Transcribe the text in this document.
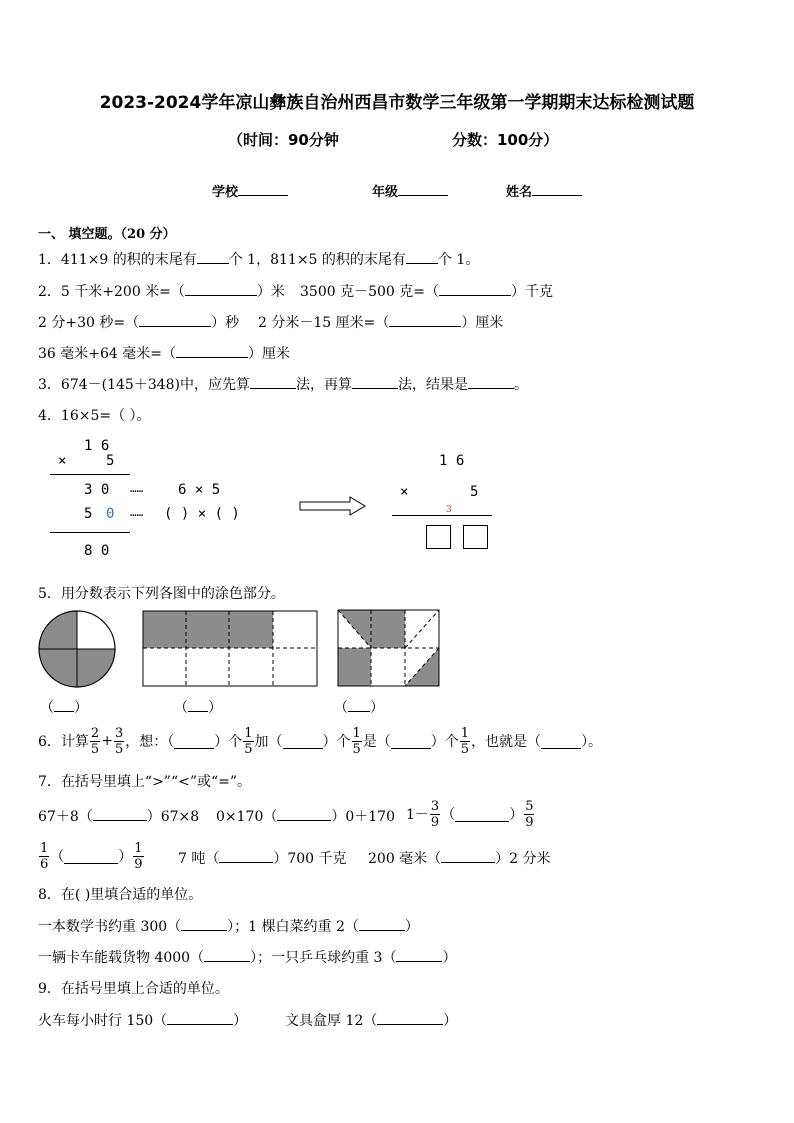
2023-2024学年凉山彝族自治州西昌市数学三年级第一学期期末达标检测试题
（时间：90分钟	分数：100分）
学校	年级	姓名
一、 填空题。（20 分）
1．411×9 的积的末尾有 个 1，811×5 的积的末尾有 个 1。
2．5 千米+200 米=（	）米 3500 克－500 克=（	）千克
2 分+30 秒=（	）秒 2 分米－15 厘米=（	）厘米
36 毫米+64 毫米=（	）厘米
3．674－(145＋348)中，应先算	法，再算	法，结果是	。
4．16×5=（ ）。
1 6
×	5
3 0 …… 6 × 5
5 0 …… ( ) × ( )
8 0
1 6
×	5
3
5．用分数表示下列各图中的涂色部分。
（ ）	（ ）	（ ）
6． 计算 $\frac{2}{5} + \frac{3}{5}$ ，想：（	）个 $\frac{1}{5}$ 加（	）个 $\frac{1}{5}$ 是（	）个 $\frac{1}{5}$ ，也就是（	）。
7．在括号里填上“>”“<”或“=”。
67＋8（	）67×8 0×170（	）0＋170 $1- \frac{3}{9}$ （	） $\frac{5}{9}$
$\frac{1}{6}$ （	） $\frac{1}{9} 7$ 吨（	）700 千克 200 毫米（	）2 分米
8．在( )里填合适的单位。
一本数学书约重 300（	）；1 棵白菜约重 2（	）
一辆卡车能载货物 4000（	）；一只乒乓球约重 3（	）
9．在括号里填上合适的单位。
火车每小时行 150（	）	文具盒厚 12（	）
